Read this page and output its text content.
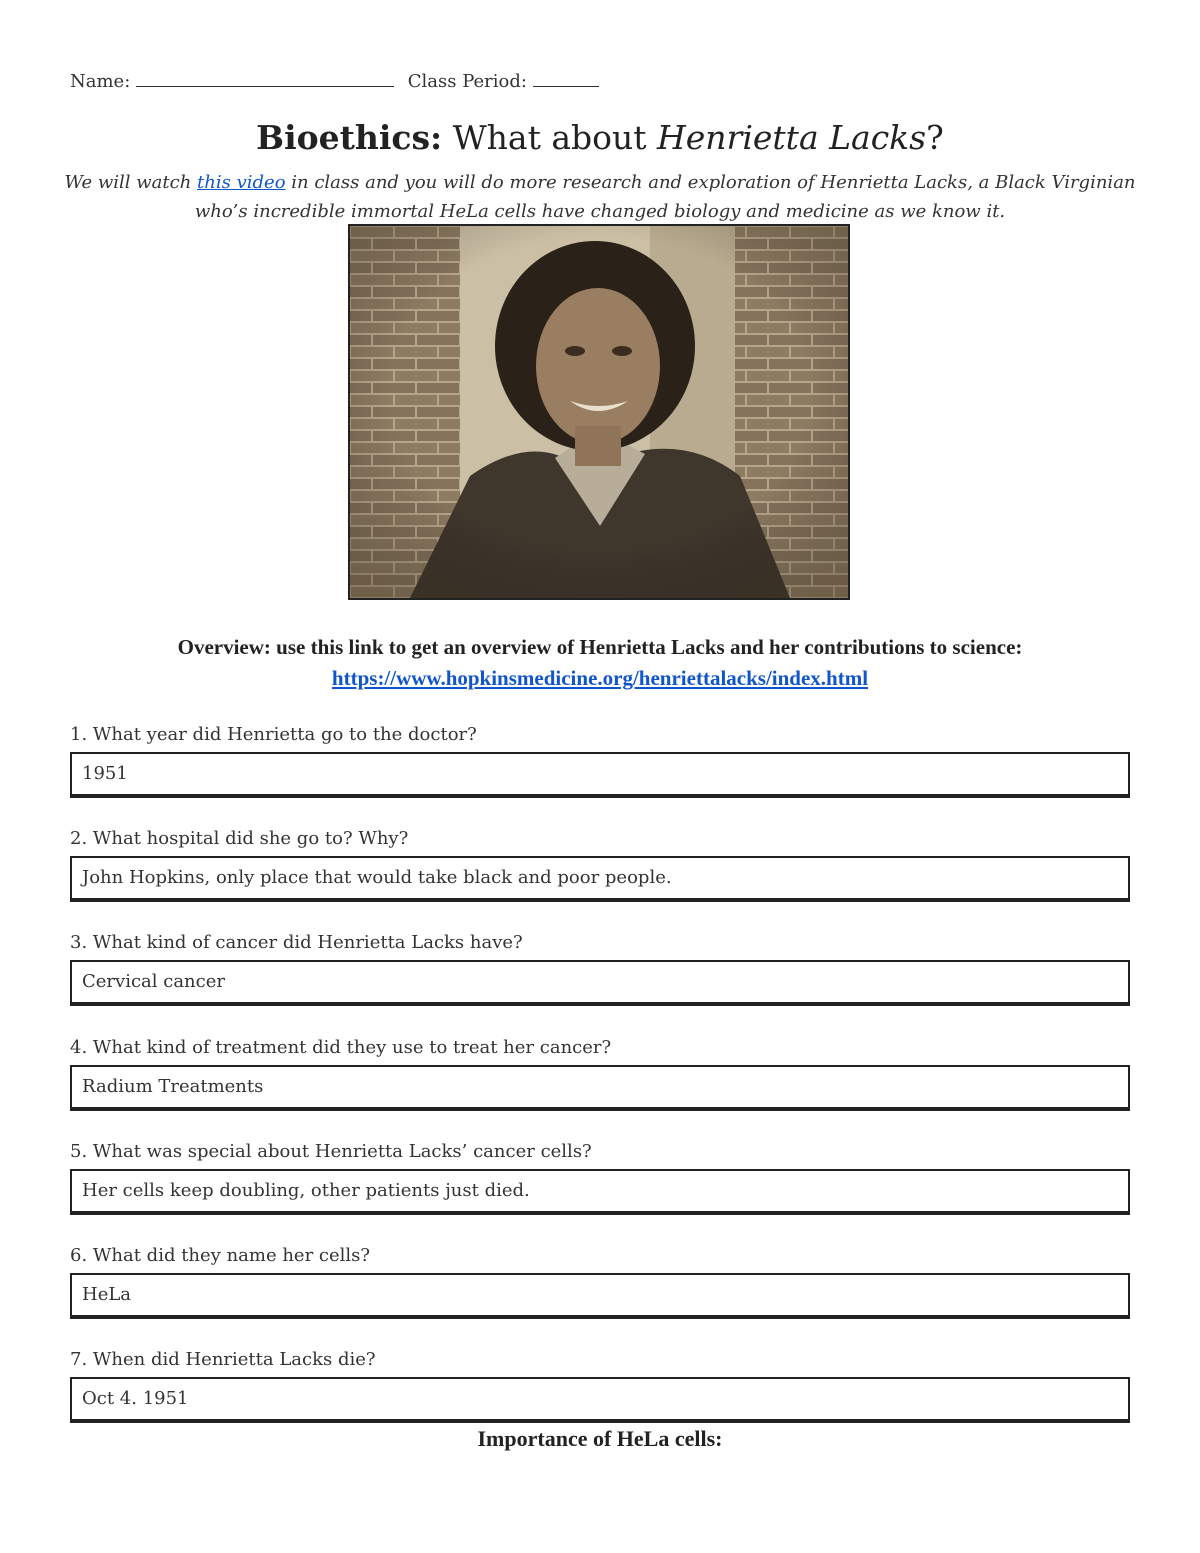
Name:	Class Period:
Bioethics: What about Henrietta Lacks?
We will watch this video in class and you will do more research and exploration of Henrietta Lacks, a Black Virginian who’s incredible immortal HeLa cells have changed biology and medicine as we know it.
Overview: use this link to get an overview of Henrietta Lacks and her contributions to science: https://www.hopkinsmedicine.org/henriettalacks/index.html
1. What year did Henrietta go to the doctor?
1951
2. What hospital did she go to? Why?
John Hopkins, only place that would take black and poor people.
3. What kind of cancer did Henrietta Lacks have?
Cervical cancer
4. What kind of treatment did they use to treat her cancer?
Radium Treatments
5. What was special about Henrietta Lacks’ cancer cells?
Her cells keep doubling, other patients just died.
6. What did they name her cells?
HeLa
7. When did Henrietta Lacks die?
Oct 4. 1951
Importance of HeLa cells:
